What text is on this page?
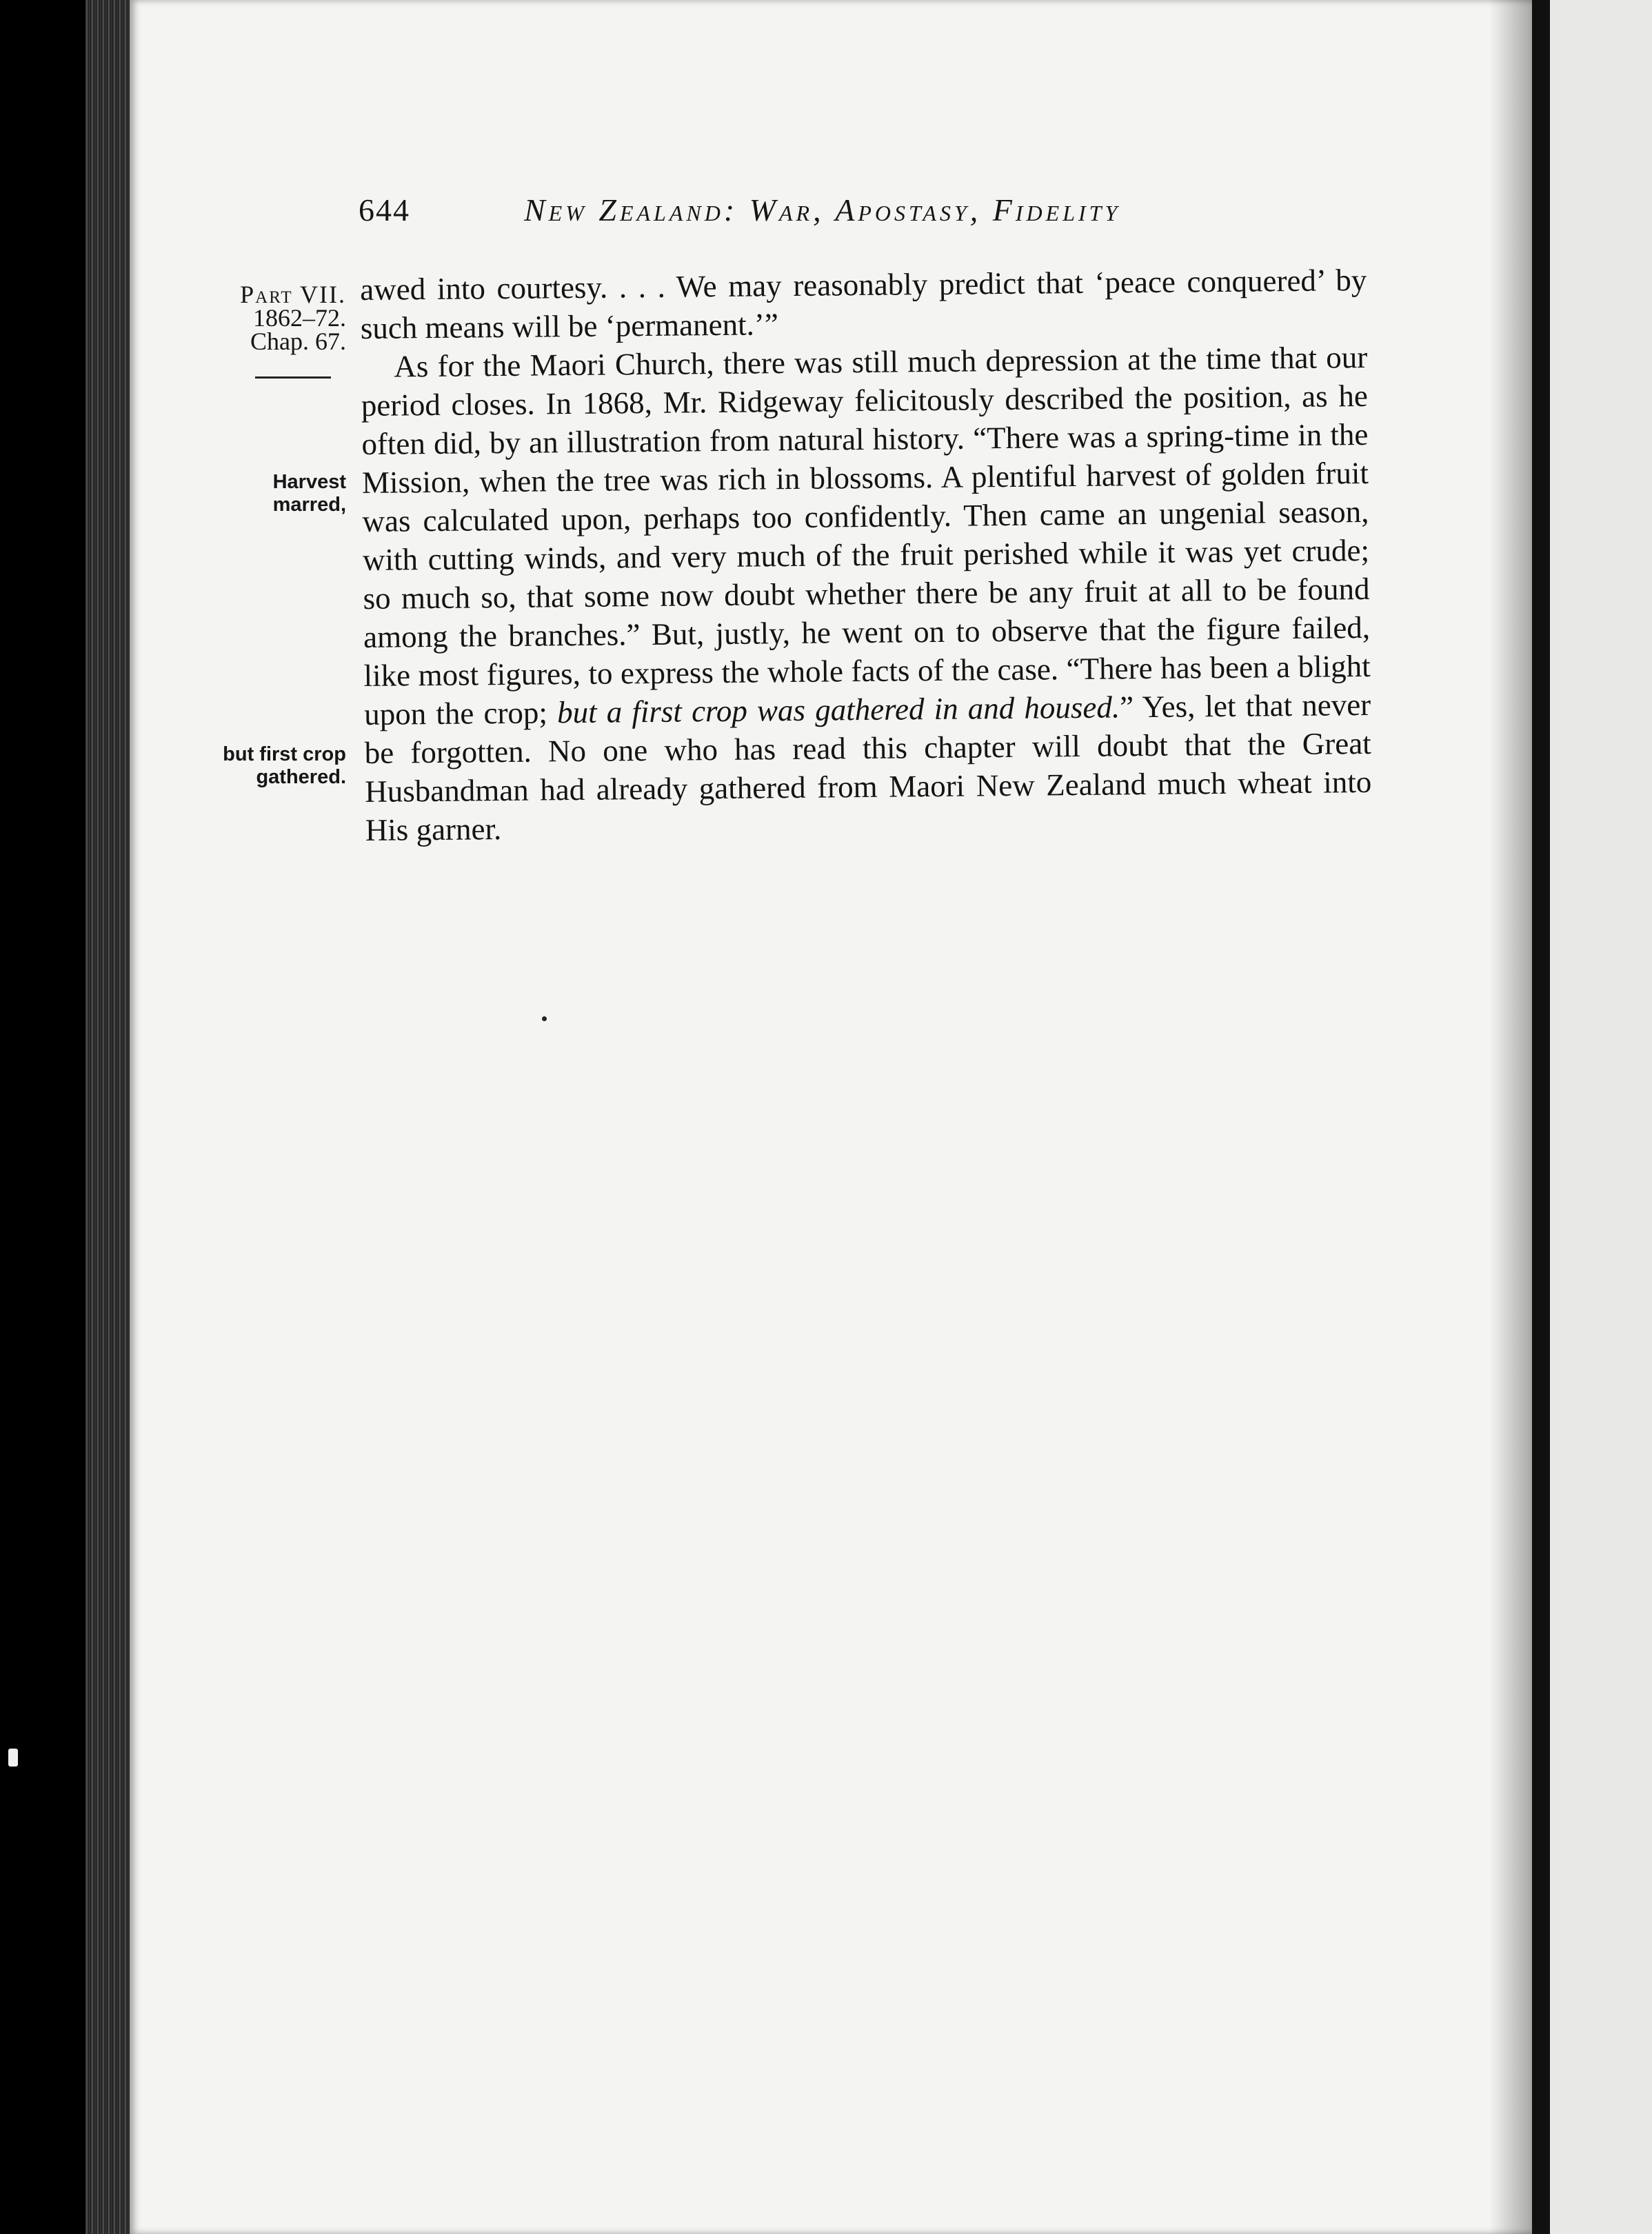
644	New Zealand: War, Apostasy, Fidelity
Part VII.
1862–72.
Chap. 67.
Harvest marred,
but first crop gathered.

awed into courtesy. . . . We may reasonably predict that ‘peace conquered’ by such means will be ‘permanent.’”

As for the Maori Church, there was still much depression at the time that our period closes. In 1868, Mr. Ridgeway felicitously described the position, as he often did, by an illustration from natural history. “There was a spring-time in the Mission, when the tree was rich in blossoms. A plentiful harvest of golden fruit was calculated upon, perhaps too confidently. Then came an ungenial season, with cutting winds, and very much of the fruit perished while it was yet crude; so much so, that some now doubt whether there be any fruit at all to be found among the branches.” But, justly, he went on to observe that the figure failed, like most figures, to express the whole facts of the case. “There has been a blight upon the crop; but a first crop was gathered in and housed.” Yes, let that never be forgotten. No one who has read this chapter will doubt that the Great Husbandman had already gathered from Maori New Zealand much wheat into His garner.
